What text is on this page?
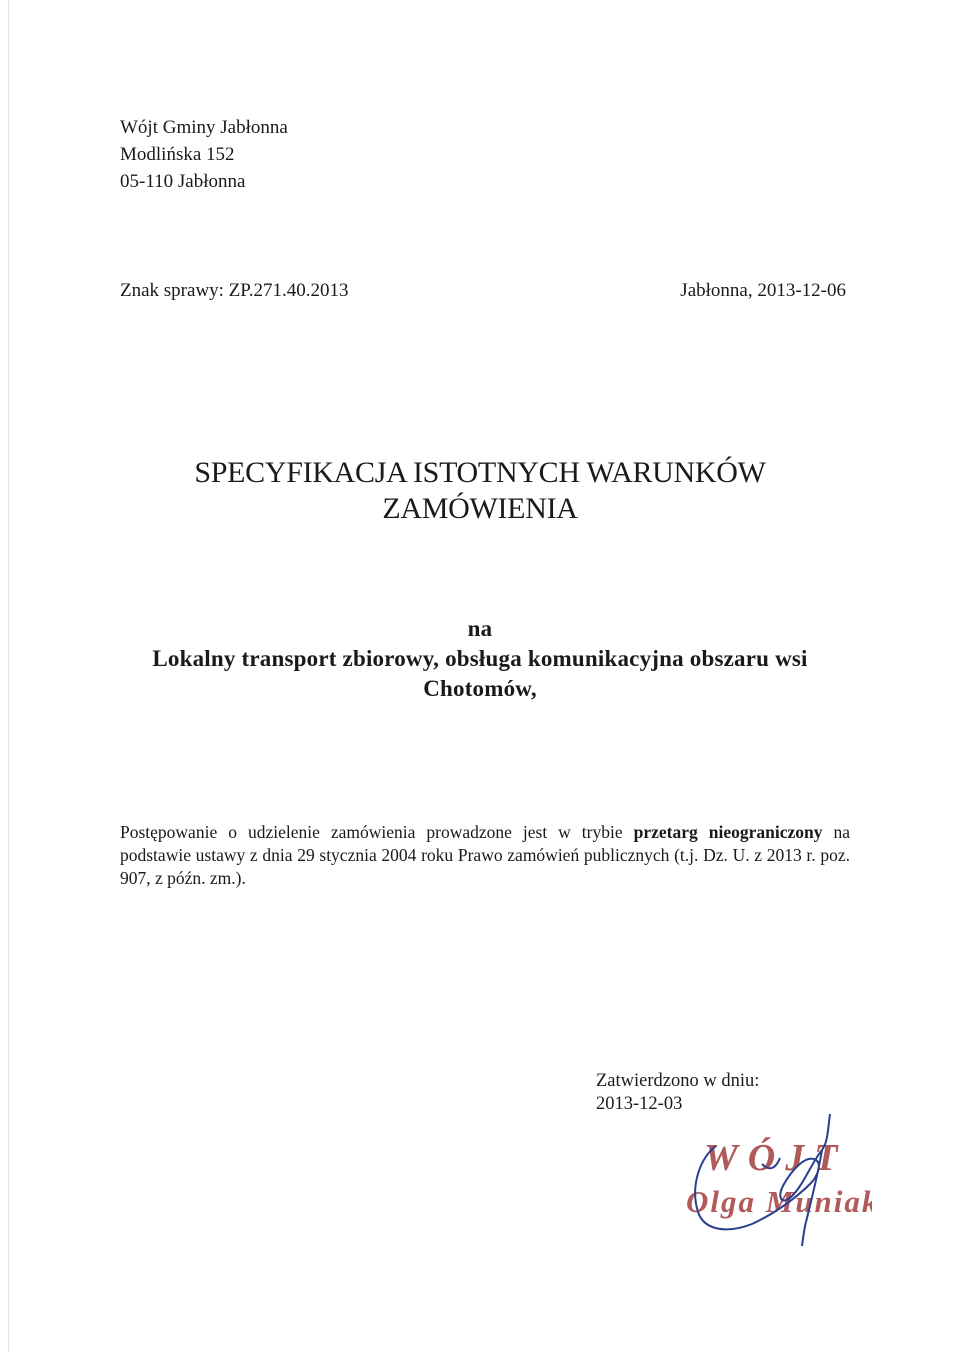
Wójt Gminy Jabłonna
Modlińska 152
05-110 Jabłonna
Znak sprawy: ZP.271.40.2013	Jabłonna, 2013-12-06
SPECYFIKACJA ISTOTNYCH WARUNKÓW
ZAMÓWIENIA
na
Lokalny transport zbiorowy, obsługa komunikacyjna obszaru wsi
Chotomów,
Postępowanie o udzielenie zamówienia prowadzone jest w trybie przetarg nieograniczony na podstawie ustawy z dnia 29 stycznia 2004 roku Prawo zamówień publicznych (t.j. Dz. U. z 2013 r. poz. 907, z późn. zm.).
Zatwierdzono w dniu:
2013-12-03
WÓJT
Olga Muniak
